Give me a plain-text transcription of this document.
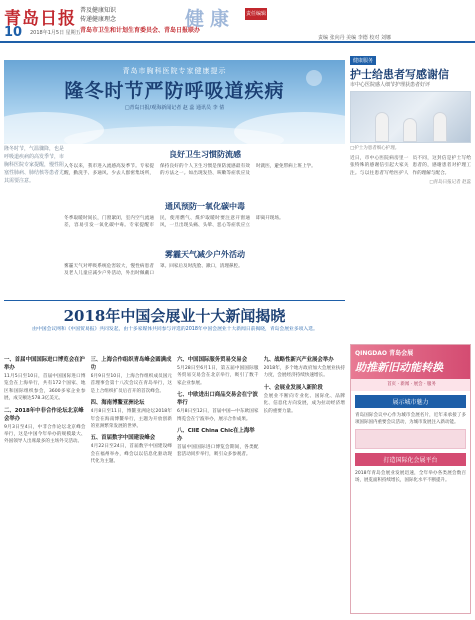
青岛日报
10 2018年1月5日 星期五
普及健康知识
传递健康理念
青岛市卫生和计划生育委员会、青岛日报联办
健康 责任编辑
责编 张向丹 美编 李德 校对 刘娜
青岛市胸科医院专家健康提示
隆冬时节严防呼吸道疾病
□青岛日报/观海新闻记者 赵 蕊 通讯员 李 倩

隆冬时节，气温骤降，也是呼吸道疾病的高发季节，市胸科医院专家提醒，慢性阻塞性肺病、肺结核等患者尤其需要注意。

良好卫生习惯防流感

入冬以来，我市进入流感高发季节。专家提醒，勤洗手、多通风、少去人群密集场所，保持良好的个人卫生习惯是预防流感最有效的方法之一。如出现发热、咳嗽等症状应及时就医，避免带病上班上学。

通风预防一氧化碳中毒

冬季取暖时间长，门窗紧闭，室内空气流通差，容易引发一氧化碳中毒。专家提醒市民，使用燃气、煤炉取暖时要注意开窗通风，一旦出现头痛、头晕、恶心等症状应立即离开现场。

雾霾天气减少户外活动

雾霾天气对呼吸系统危害较大，慢性病患者及老人儿童应减少户外活动，外出时佩戴口罩。回家后及时洗脸、漱口，清理鼻腔。

健康服务
护士给患者写感谢信
市中心医院感人细节护理获患者好评
□护士为患者细心护理。

近日，市中心医院病房里一张特殊的感谢信引起大家关注。与以往患者写给医护人员不同，这封信是护士写给患者的，感谢患者对护理工作的理解与配合。

□青岛日报记者 赵蕊
2018年中国会展业十大新闻揭晓
由中国会议网和《中国贸易报》共同发起，由十多家媒体共同参与评选的2018年中国会展业十大新闻日前揭晓，青岛会展业多项入选。
一、首届中国国际进口博览会在沪举办

11月5日至10日，首届中国国际进口博览会在上海举行，共有172个国家、地区和国际组织参会，3600多家企业参展，成交额达578.3亿美元。

二、2018年中非合作论坛北京峰会举办

9月3日至4日，中非合作论坛北京峰会举行，这是中国今年举办的规模最大、外国领导人出席最多的主场外交活动。

三、上海合作组织青岛峰会圆满成功

6月9日至10日，上海合作组织成员国元首理事会第十八次会议在青岛举行，这是上合组织扩员后召开的首次峰会。

四、海南博鳌亚洲论坛

4月8日至11日，博鳌亚洲论坛2018年年会在海南博鳌举行，主题为开放创新的亚洲繁荣发展的世界。

五、首届数字中国建设峰会

4月22日至24日，首届数字中国建设峰会在福州举办，峰会以以信息化驱动现代化为主题。

六、中国国际服务贸易交易会

5月28日至6月1日，第五届中国国际服务贸易交易会在北京举行，吸引了数千家企业参展。

七、中欧进出口商品交易会在宁波举行

6月8日至12日，首届中国—中东欧国家博览会在宁波举办，展示合作成果。

八、CIIE China Chic在上海举办

首届中国国际进口博览会期间，各类配套活动同步举行，吸引众多参观者。

九、战略性新兴产业展会举办

2018年，多个地方政府加大会展业扶持力度，会展经济持续快速增长。

十、会展业发展入新阶段

会展业不断向专业化、国际化、品牌化、信息化方向发展，成为拉动经济增长的重要力量。

QINGDAO 青岛会展
助推新旧动能转换
首页 · 新闻 · 展会 · 服务
展示城市魅力

青岛国际会议中心作为城市会展名片，近年来承接了多项国际国内重要会议活动，为城市发展注入新动能。

打造国际化会展平台

2018年青岛会展业发展迅速，全年举办各类展会数百场，展览面积持续增长，国际化水平不断提升。
